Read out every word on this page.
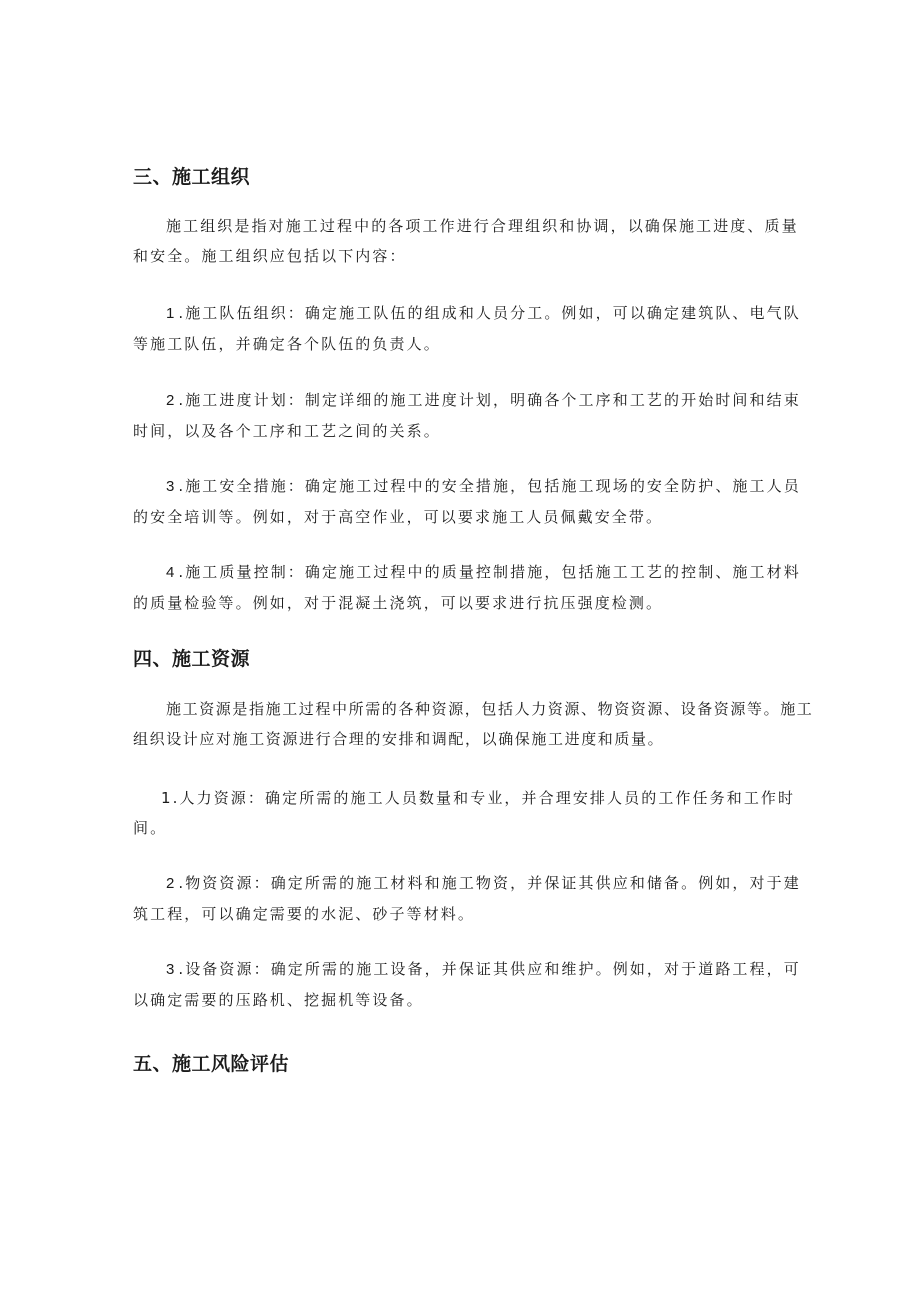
三、施工组织

施工组织是指对施工过程中的各项工作进行合理组织和协调，以确保施工进度、质量和安全。施工组织应包括以下内容：

1 .施工队伍组织：确定施工队伍的组成和人员分工。例如，可以确定建筑队、电气队等施工队伍，并确定各个队伍的负责人。

2 .施工进度计划：制定详细的施工进度计划，明确各个工序和工艺的开始时间和结束时间，以及各个工序和工艺之间的关系。

3 .施工安全措施：确定施工过程中的安全措施，包括施工现场的安全防护、施工人员的安全培训等。例如，对于高空作业，可以要求施工人员佩戴安全带。

4 .施工质量控制：确定施工过程中的质量控制措施，包括施工工艺的控制、施工材料的质量检验等。例如，对于混凝土浇筑，可以要求进行抗压强度检测。

四、施工资源

施工资源是指施工过程中所需的各种资源，包括人力资源、物资资源、设备资源等。施工组织设计应对施工资源进行合理的安排和调配，以确保施工进度和质量。

1.人力资源：确定所需的施工人员数量和专业，并合理安排人员的工作任务和工作时间。

2 .物资资源：确定所需的施工材料和施工物资，并保证其供应和储备。例如，对于建筑工程，可以确定需要的水泥、砂子等材料。

3 .设备资源：确定所需的施工设备，并保证其供应和维护。例如，对于道路工程，可以确定需要的压路机、挖掘机等设备。

五、施工风险评估
